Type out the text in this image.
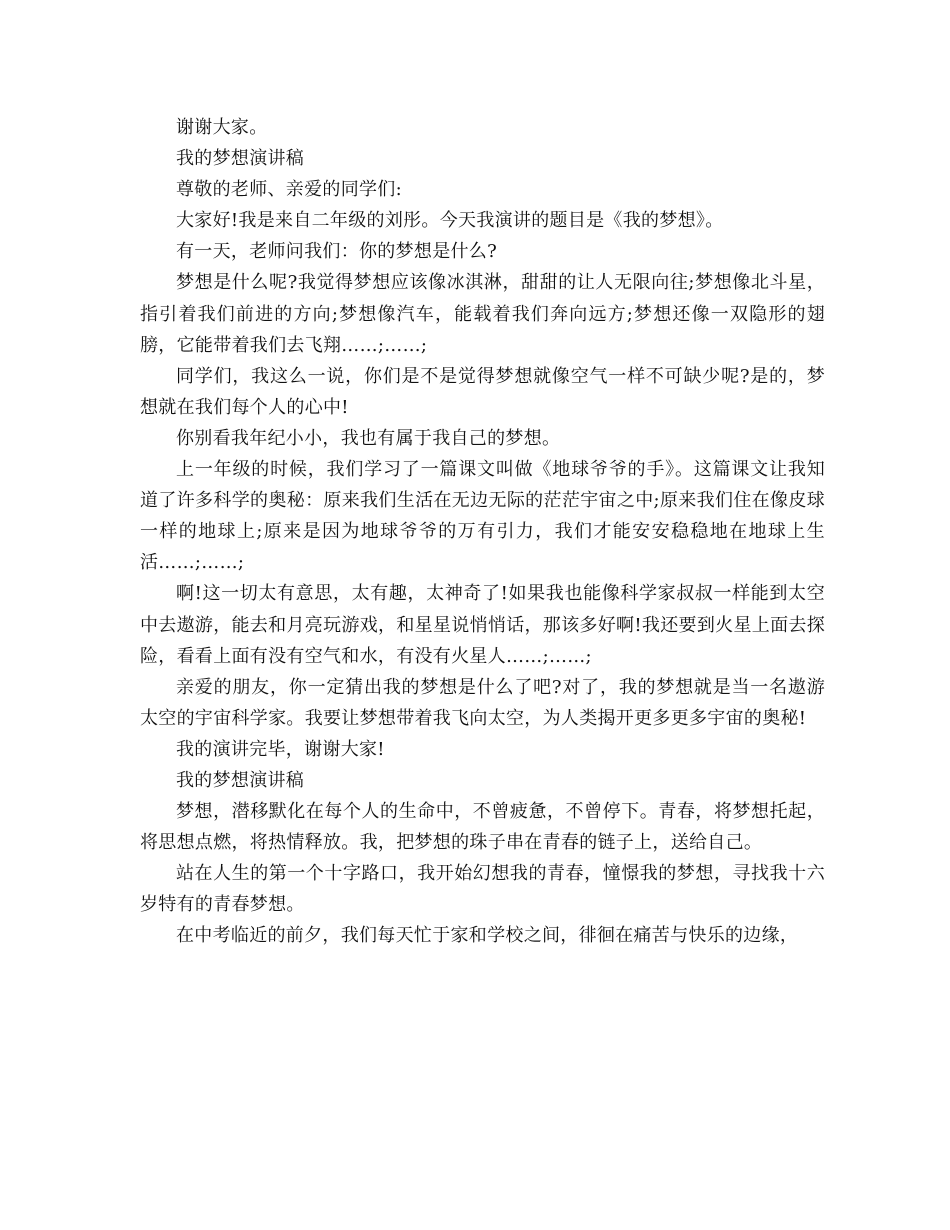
谢谢大家。

我的梦想演讲稿

尊敬的老师、亲爱的同学们:

大家好!我是来自二年级的刘彤。今天我演讲的题目是《我的梦想》。

有一天，老师问我们：你的梦想是什么?

梦想是什么呢?我觉得梦想应该像冰淇淋，甜甜的让人无限向往;梦想像北斗星，指引着我们前进的方向;梦想像汽车，能载着我们奔向远方;梦想还像一双隐形的翅膀，它能带着我们去飞翔……;……;

同学们，我这么一说，你们是不是觉得梦想就像空气一样不可缺少呢?是的，梦想就在我们每个人的心中!

你别看我年纪小小，我也有属于我自己的梦想。

上一年级的时候，我们学习了一篇课文叫做《地球爷爷的手》。这篇课文让我知道了许多科学的奥秘：原来我们生活在无边无际的茫茫宇宙之中;原来我们住在像皮球一样的地球上;原来是因为地球爷爷的万有引力，我们才能安安稳稳地在地球上生活……;……;

啊!这一切太有意思，太有趣，太神奇了!如果我也能像科学家叔叔一样能到太空中去遨游，能去和月亮玩游戏，和星星说悄悄话，那该多好啊!我还要到火星上面去探险，看看上面有没有空气和水，有没有火星人……;……;

亲爱的朋友，你一定猜出我的梦想是什么了吧?对了，我的梦想就是当一名遨游太空的宇宙科学家。我要让梦想带着我飞向太空，为人类揭开更多更多宇宙的奥秘!

我的演讲完毕，谢谢大家!

我的梦想演讲稿

梦想，潜移默化在每个人的生命中，不曾疲惫，不曾停下。青春，将梦想托起，将思想点燃，将热情释放。我，把梦想的珠子串在青春的链子上，送给自己。

站在人生的第一个十字路口，我开始幻想我的青春，憧憬我的梦想，寻找我十六岁特有的青春梦想。

在中考临近的前夕，我们每天忙于家和学校之间，徘徊在痛苦与快乐的边缘，
